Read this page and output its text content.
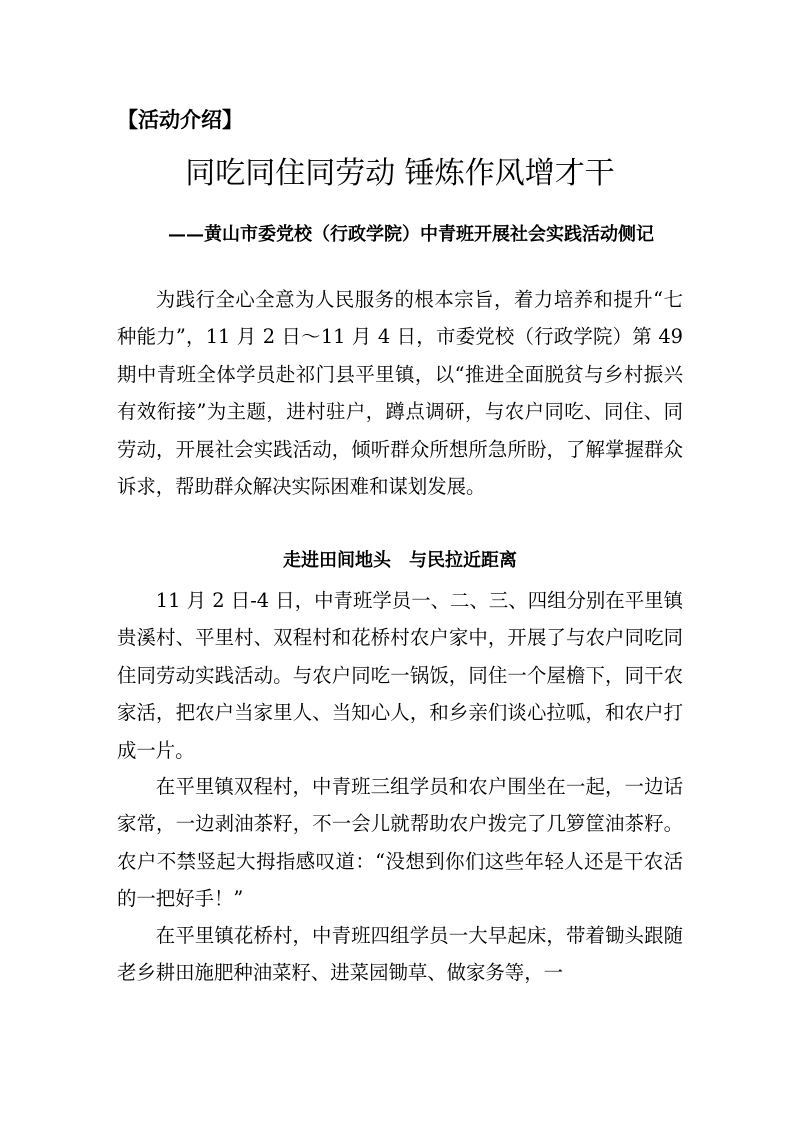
【活动介绍】
同吃同住同劳动 锤炼作风增才干
——黄山市委党校（行政学院）中青班开展社会实践活动侧记

为践行全心全意为人民服务的根本宗旨，着力培养和提升“七种能力”，11 月 2 日～11 月 4 日，市委党校（行政学院）第 49 期中青班全体学员赴祁门县平里镇，以“推进全面脱贫与乡村振兴有效衔接”为主题，进村驻户，蹲点调研，与农户同吃、同住、同劳动，开展社会实践活动，倾听群众所想所急所盼，了解掌握群众诉求，帮助群众解决实际困难和谋划发展。

走进田间地头　与民拉近距离

11 月 2 日-4 日，中青班学员一、二、三、四组分别在平里镇贵溪村、平里村、双程村和花桥村农户家中，开展了与农户同吃同住同劳动实践活动。与农户同吃一锅饭，同住一个屋檐下，同干农家活，把农户当家里人、当知心人，和乡亲们谈心拉呱，和农户打成一片。

在平里镇双程村，中青班三组学员和农户围坐在一起，一边话家常，一边剥油茶籽，不一会儿就帮助农户拨完了几箩筐油茶籽。农户不禁竖起大拇指感叹道：“没想到你们这些年轻人还是干农活的一把好手！”

在平里镇花桥村，中青班四组学员一大早起床，带着锄头跟随老乡耕田施肥种油菜籽、进菜园锄草、做家务等，一
